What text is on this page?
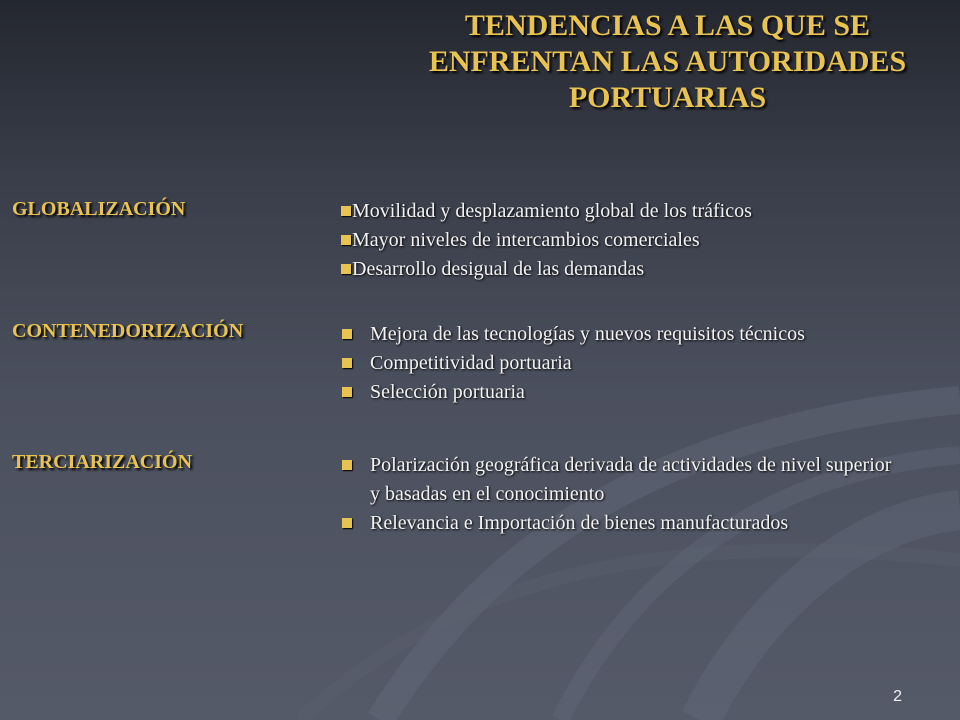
TENDENCIAS A LAS QUE SE
ENFRENTAN LAS AUTORIDADES
PORTUARIAS
GLOBALIZACIÓN	Movilidad y desplazamiento global de los tráficos
Mayor niveles de intercambios comerciales
Desarrollo desigual de las demandas
CONTENEDORIZACIÓN	Mejora de las tecnologías y nuevos requisitos técnicos
Competitividad portuaria
Selección portuaria
TERCIARIZACIÓN	Polarización geográfica derivada de actividades de nivel superior y basadas en el conocimiento
Relevancia e Importación de bienes manufacturados
2
